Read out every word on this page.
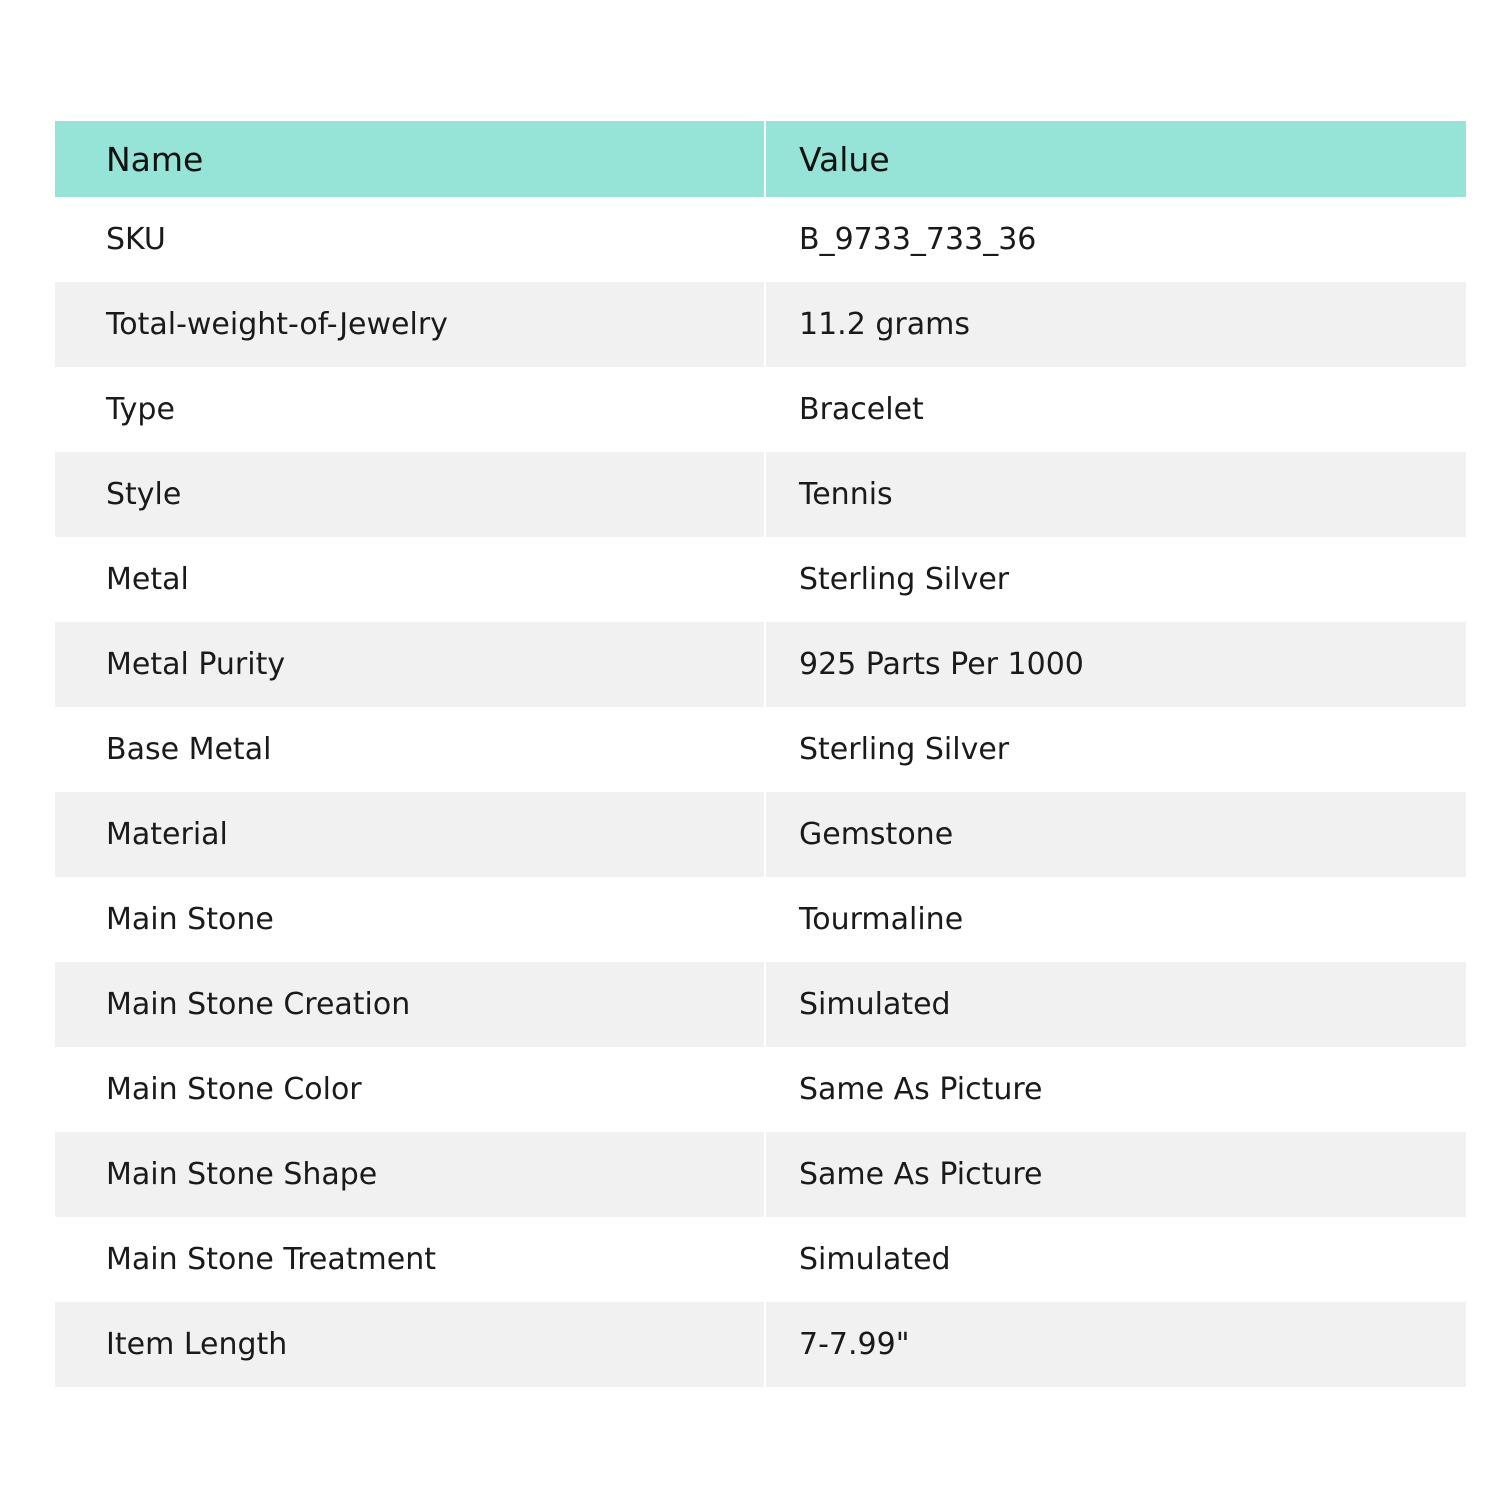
Name	Value
SKU	B_9733_733_36
Total-weight-of-Jewelry	11.2 grams
Type	Bracelet
Style	Tennis
Metal	Sterling Silver
Metal Purity	925 Parts Per 1000
Base Metal	Sterling Silver
Material	Gemstone
Main Stone	Tourmaline
Main Stone Creation	Simulated
Main Stone Color	Same As Picture
Main Stone Shape	Same As Picture
Main Stone Treatment	Simulated
Item Length	7-7.99"
